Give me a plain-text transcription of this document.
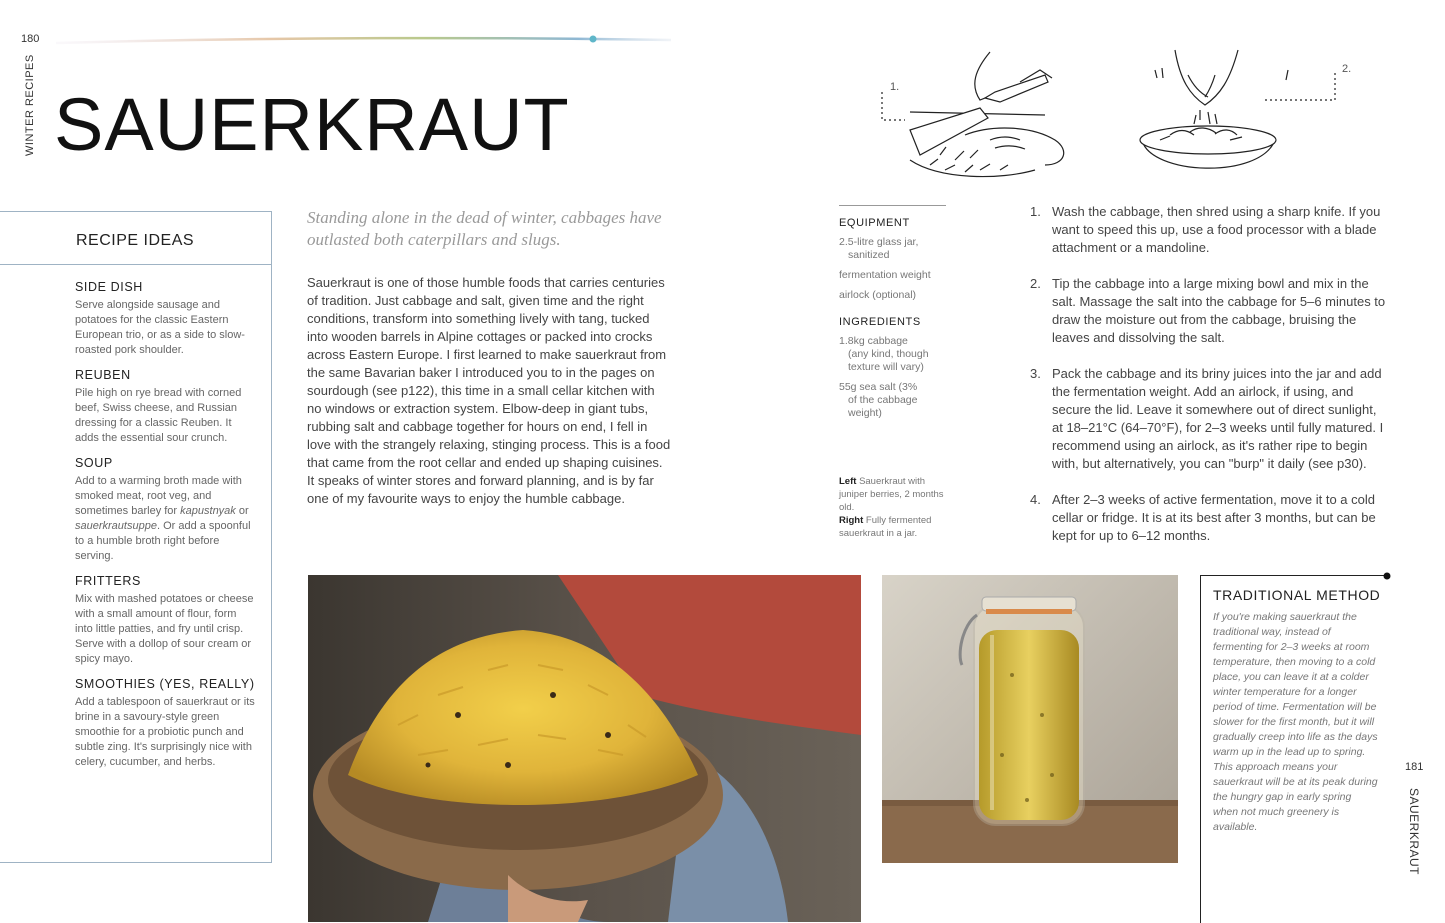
180
WINTER RECIPES
181
SAUERKRAUT
SAUERKRAUT
RECIPE IDEAS
SIDE DISH
Serve alongside sausage and potatoes for the classic Eastern European trio, or as a side to slow-roasted pork shoulder.
REUBEN
Pile high on rye bread with corned beef, Swiss cheese, and Russian dressing for a classic Reuben. It adds the essential sour crunch.
SOUP
Add to a warming broth made with smoked meat, root veg, and sometimes barley for kapustnyak or sauerkrautsuppe. Or add a spoonful to a humble broth right before serving.
FRITTERS
Mix with mashed potatoes or cheese with a small amount of flour, form into little patties, and fry until crisp. Serve with a dollop of sour cream or spicy mayo.
SMOOTHIES (YES, REALLY)
Add a tablespoon of sauerkraut or its brine in a savoury-style green smoothie for a probiotic punch and subtle zing. It's surprisingly nice with celery, cucumber, and herbs.
Standing alone in the dead of winter, cabbages have outlasted both caterpillars and slugs.
Sauerkraut is one of those humble foods that carries centuries of tradition. Just cabbage and salt, given time and the right conditions, transform into something lively with tang, tucked into wooden barrels in Alpine cottages or packed into crocks across Eastern Europe. I first learned to make sauerkraut from the same Bavarian baker I introduced you to in the pages on sourdough (see p122), this time in a small cellar kitchen with no windows or extraction system. Elbow-deep in giant tubs, rubbing salt and cabbage together for hours on end, I fell in love with the strangely relaxing, stinging process. This is a food that came from the root cellar and ended up shaping cuisines. It speaks of winter stores and forward planning, and is by far one of my favourite ways to enjoy the humble cabbage.
EQUIPMENT
2.5-litre glass jar,
sanitized
fermentation weight
airlock (optional)
INGREDIENTS
1.8kg cabbage
(any kind, though
texture will vary)
55g sea salt (3%
of the cabbage
weight)
Left Sauerkraut with juniper berries, 2 months old.
Right Fully fermented sauerkraut in a jar.
1.
2.
1. Wash the cabbage, then shred using a sharp knife. If you want to speed this up, use a food processor with a blade attachment or a mandoline.
2. Tip the cabbage into a large mixing bowl and mix in the salt. Massage the salt into the cabbage for 5–6 minutes to draw the moisture out from the cabbage, bruising the leaves and dissolving the salt.
3. Pack the cabbage and its briny juices into the jar and add the fermentation weight. Add an airlock, if using, and secure the lid. Leave it somewhere out of direct sunlight, at 18–21°C (64–70°F), for 2–3 weeks until fully matured. I recommend using an airlock, as it's rather ripe to begin with, but alternatively, you can "burp" it daily (see p30).
4. After 2–3 weeks of active fermentation, move it to a cold cellar or fridge. It is at its best after 3 months, but can be kept for up to 6–12 months.
TRADITIONAL METHOD
If you're making sauerkraut the traditional way, instead of fermenting for 2–3 weeks at room temperature, then moving to a cold place, you can leave it at a colder winter temperature for a longer period of time. Fermentation will be slower for the first month, but it will gradually creep into life as the days warm up in the lead up to spring. This approach means your sauerkraut will be at its peak during the hungry gap in early spring when not much greenery is available.
